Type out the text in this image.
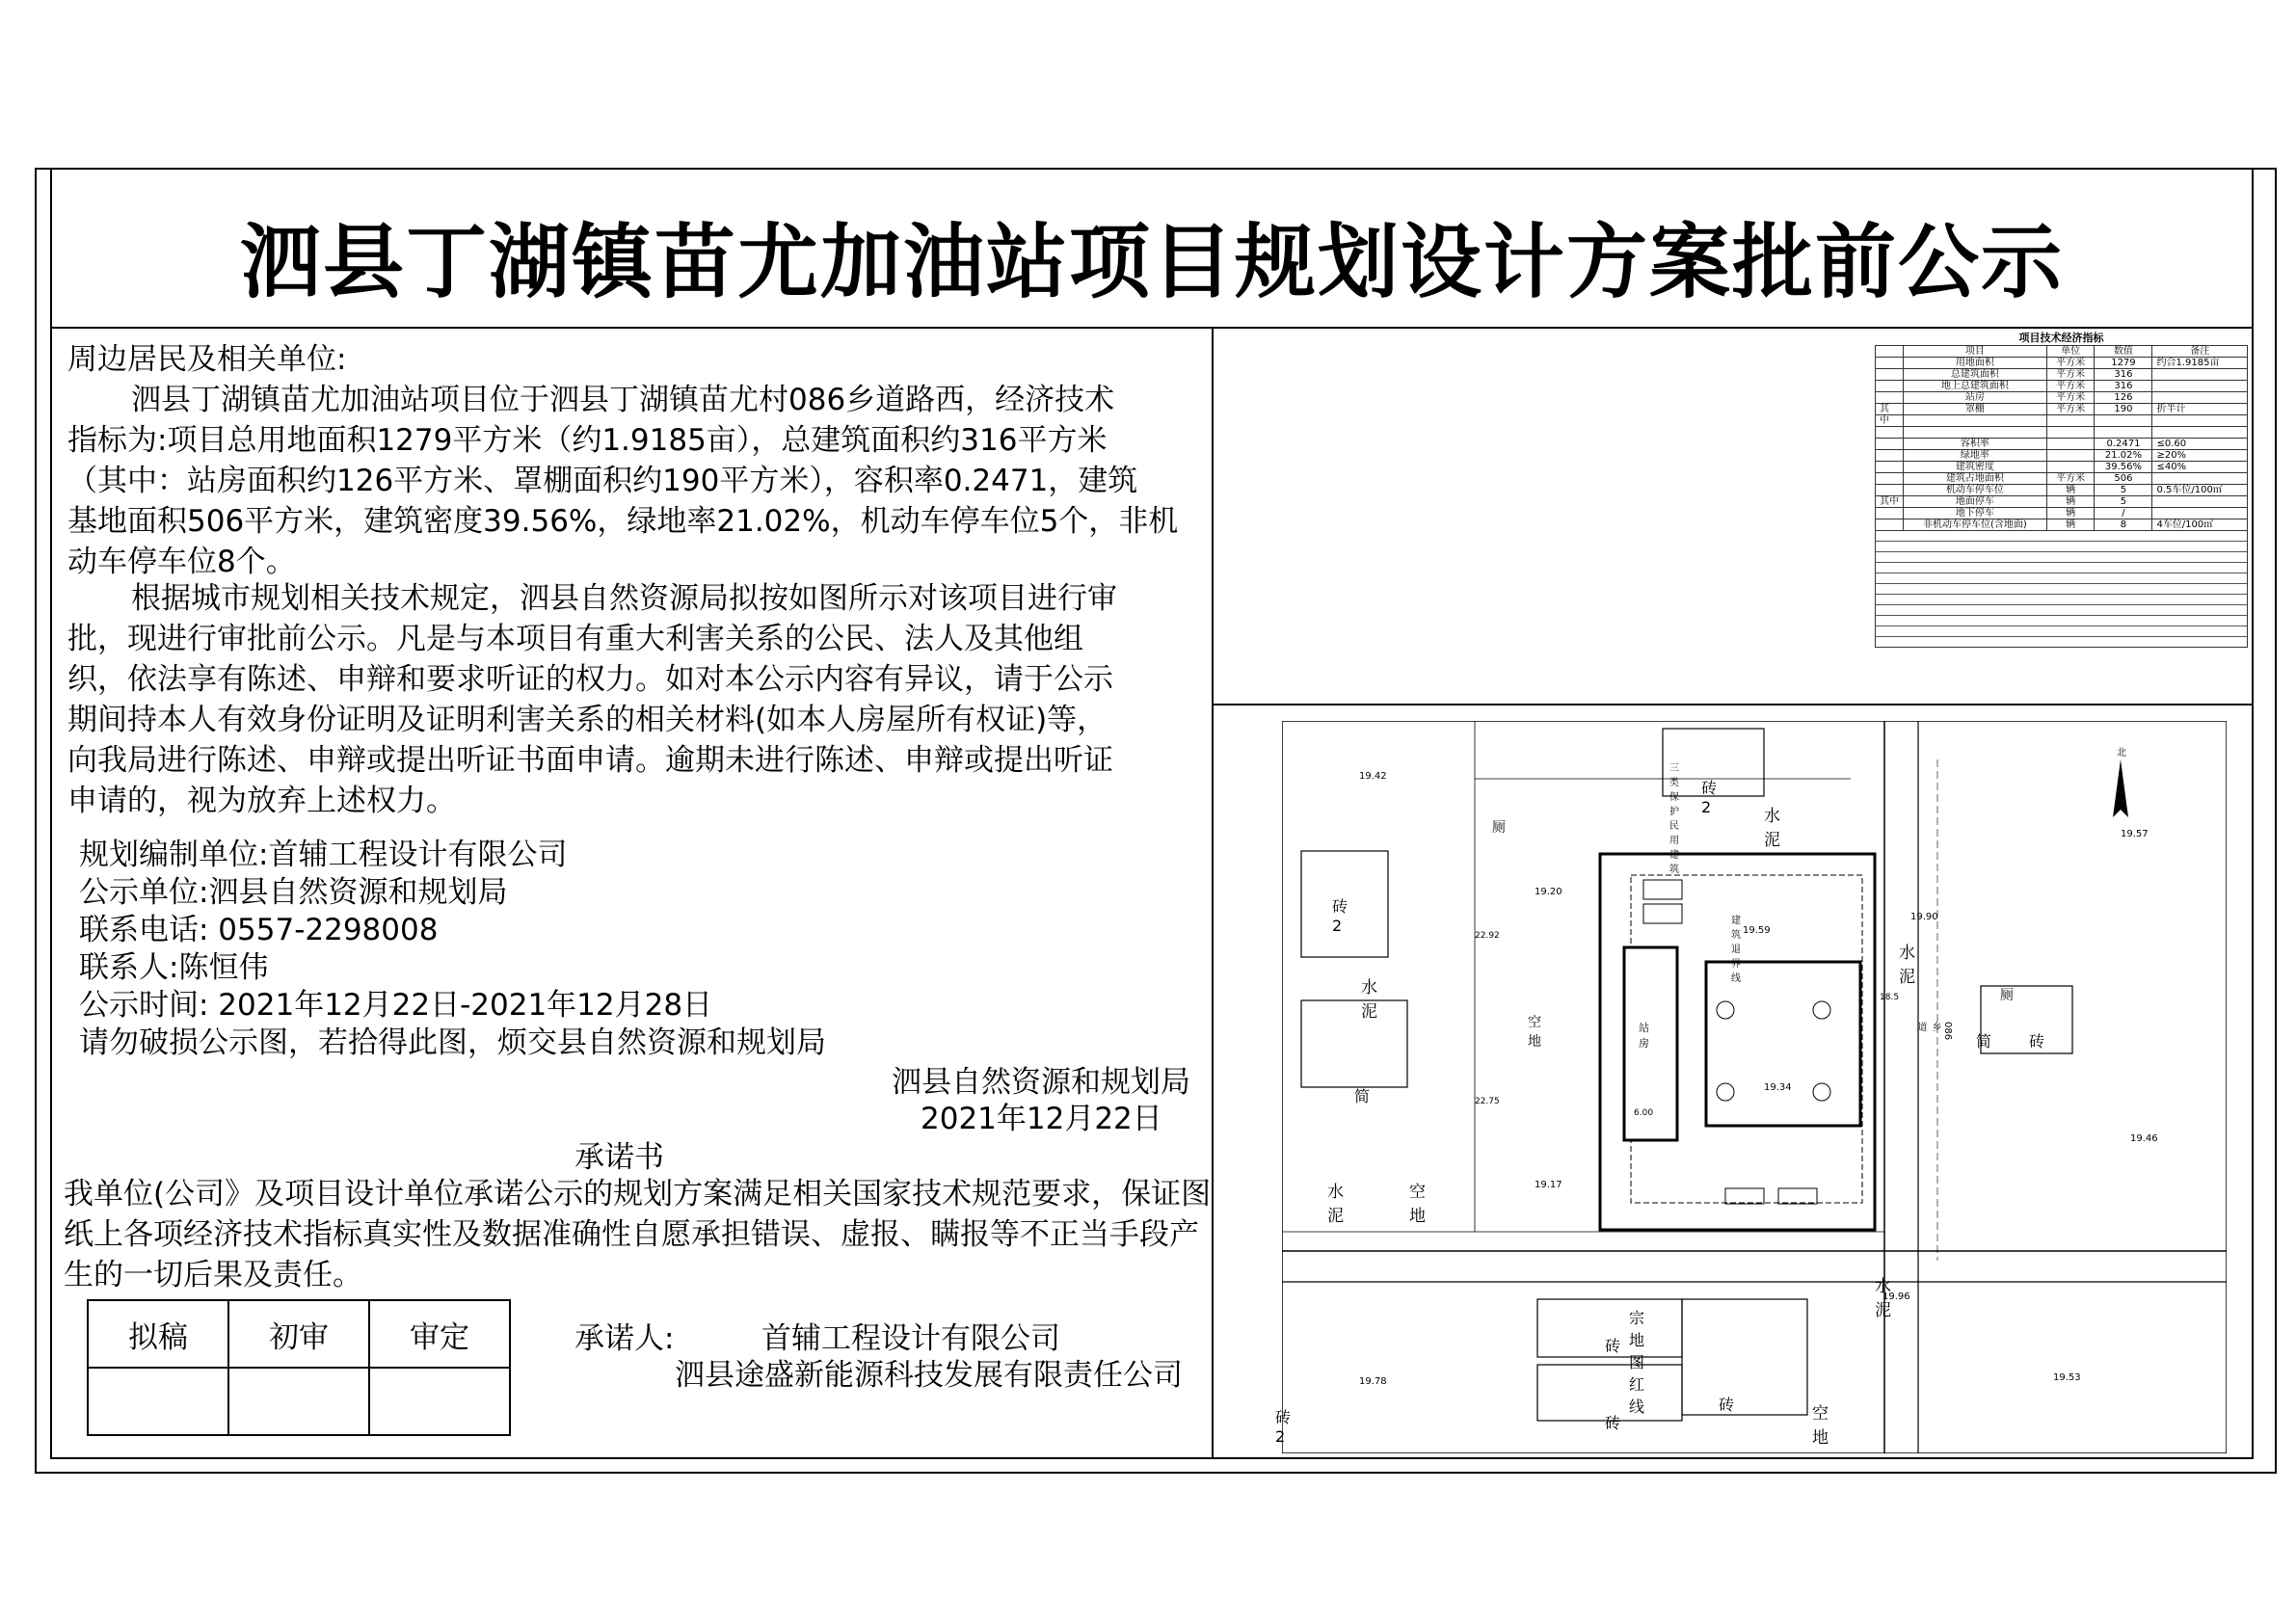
泗县丁湖镇苗尤加油站项目规划设计方案批前公示
周边居民及相关单位:
泗县丁湖镇苗尤加油站项目位于泗县丁湖镇苗尤村086乡道路西，经济技术
指标为:项目总用地面积1279平方米（约1.9185亩），总建筑面积约316平方米
（其中：站房面积约126平方米、罩棚面积约190平方米），容积率0.2471，建筑
基地面积506平方米，建筑密度39.56%，绿地率21.02%，机动车停车位5个，非机
动车停车位8个。
根据城市规划相关技术规定，泗县自然资源局拟按如图所示对该项目进行审
批，现进行审批前公示。凡是与本项目有重大利害关系的公民、法人及其他组
织，依法享有陈述、申辩和要求听证的权力。如对本公示内容有异议，请于公示
期间持本人有效身份证明及证明利害关系的相关材料(如本人房屋所有权证)等，
向我局进行陈述、申辩或提出听证书面申请。逾期未进行陈述、申辩或提出听证
申请的，视为放弃上述权力。
规划编制单位:首辅工程设计有限公司
公示单位:泗县自然资源和规划局
联系电话: 0557-2298008
联系人:陈恒伟
公示时间: 2021年12月22日-2021年12月28日
请勿破损公示图，若拾得此图，烦交县自然资源和规划局
泗县自然资源和规划局
2021年12月22日
承诺书
我单位(公司》及项目设计单位承诺公示的规划方案满足相关国家技术规范要求，保证图
纸上各项经济技术指标真实性及数据准确性自愿承担错误、虚报、瞒报等不正当手段产
生的一切后果及责任。
拟稿	初审	审定
			承诺人:	首辅工程设计有限公司
泗县途盛新能源科技发展有限责任公司
项目技术经济指标
	项目	单位	数值	备注
	用地面积	平方米	1279	约合1.9185亩
	总建筑面积	平方米	316	
	地上总建筑面积	平方米	316	
	站房	平方米	126	
其	罩棚	平方米	190	折半计
中				

	容积率		0.2471	≤0.60
	绿地率		21.02%	≥20%
	建筑密度		39.56%	≤40%
	建筑占地面积	平方米	506	
	机动车停车位	辆	5	0.5车位/100㎡
其中	地面停车	辆	5	
	地下停车	辆	/	
	非机动车停车位(含地面)	辆	8	4车位/100㎡
水泥
水泥
水泥
水泥
空地
空地
空地
水泥
砖2
砖2
砖2
砖
砖
砖
砖
简
简
厕
厕
三类保护民用建筑
宗地图红线
站房
086乡道
北
建筑退界线
19.42
19.20
19.59
19.57
19.90
19.34
19.46
19.17
19.96
19.78	19.53
22.92
22.75
6.00
18.5
